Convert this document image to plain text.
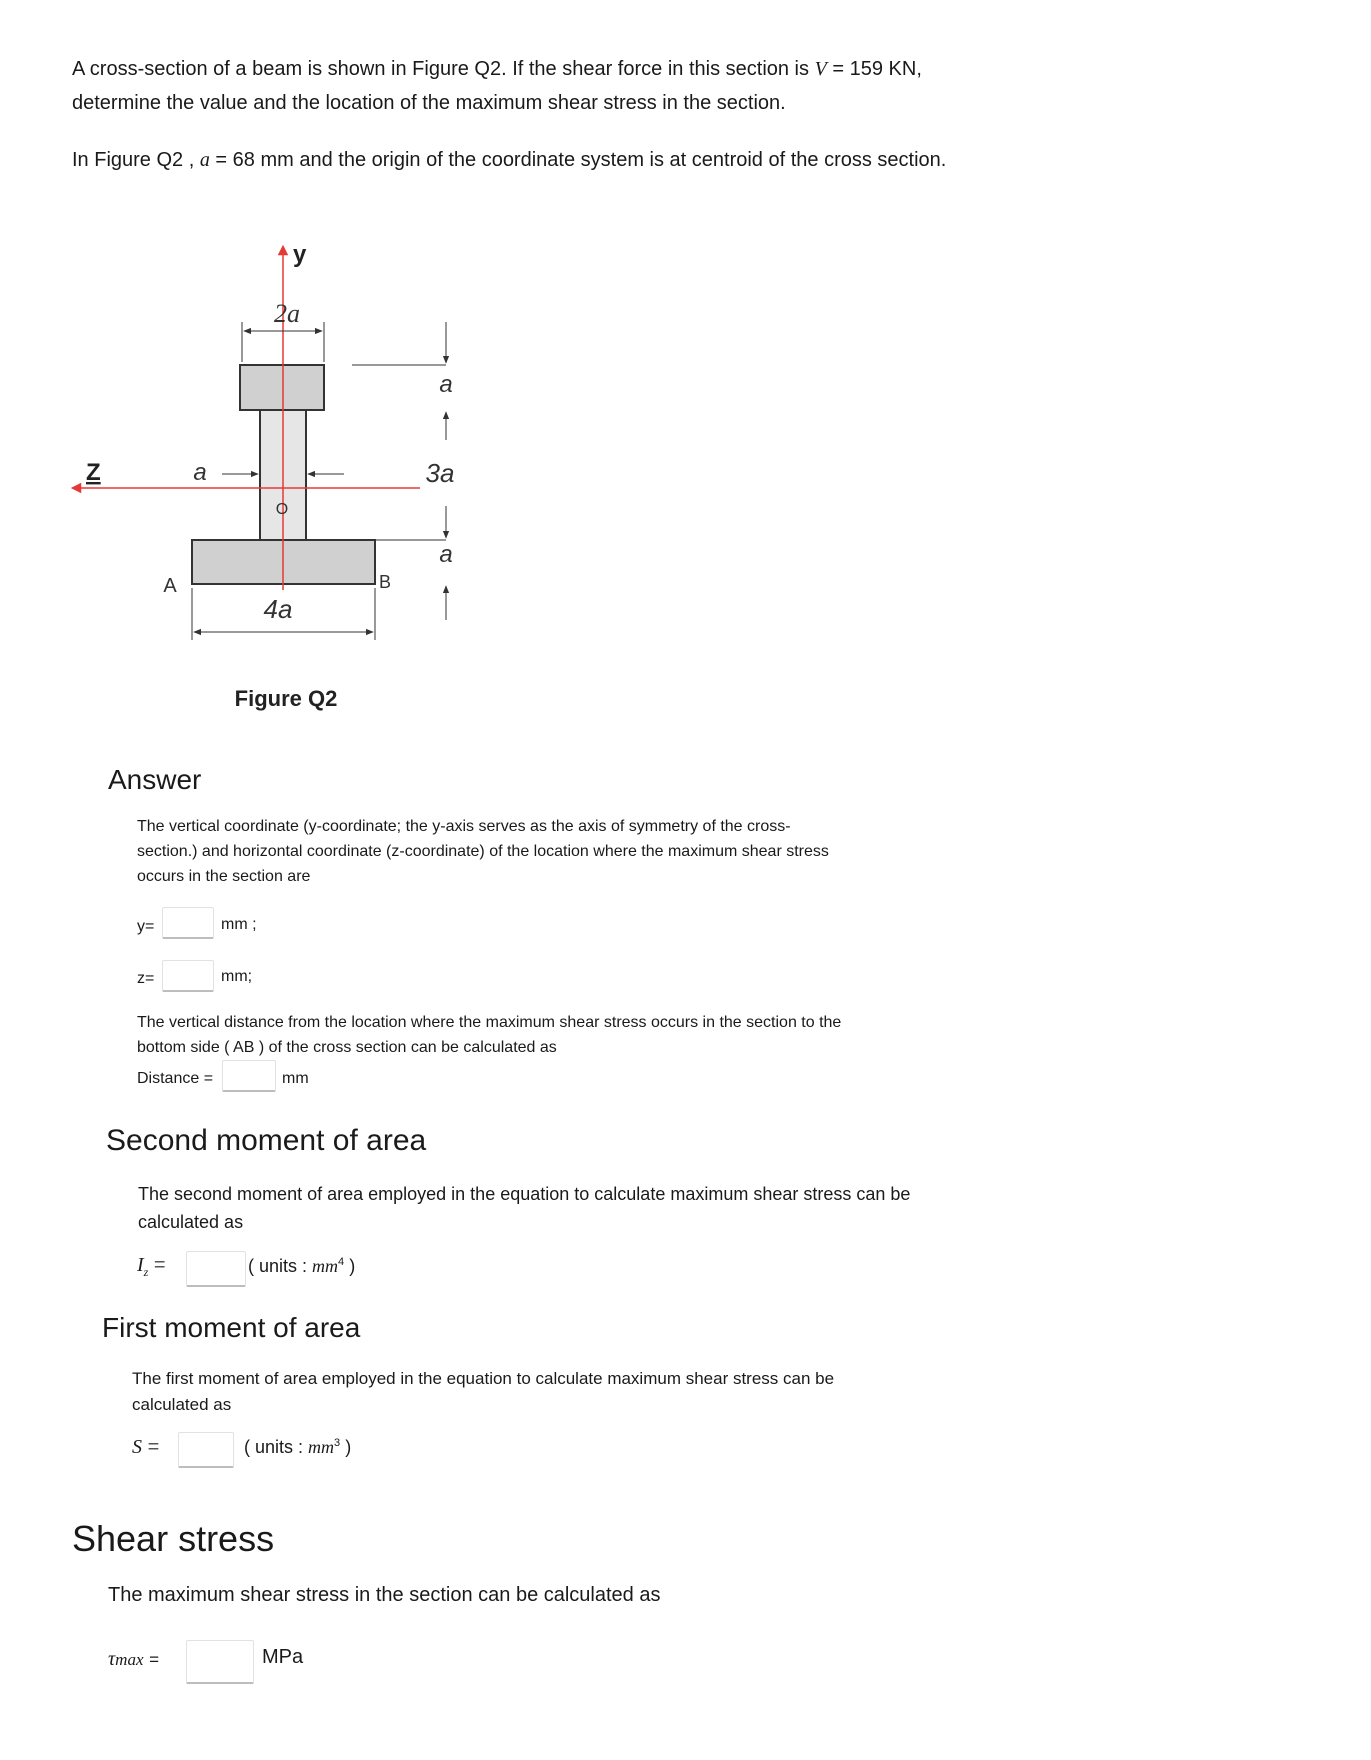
A cross-section of a beam is shown in Figure Q2. If the shear force in this section is V = 159 KN,
determine the value and the location of the maximum shear stress in the section.
In Figure Q2 , a = 68 mm and the origin of the coordinate system is at centroid of the cross section.
y
Z
O
2a
a
4a
A	B
a
3a
a
Figure Q2
Answer
The vertical coordinate (y-coordinate; the y-axis serves as the axis of symmetry of the cross-
section.) and horizontal coordinate (z-coordinate) of the location where the maximum shear stress
occurs in the section are
y=	mm ;
z=	mm;
The vertical distance from the location where the maximum shear stress occurs in the section to the
bottom side ( AB ) of the cross section can be calculated as
Distance =	mm
Second moment of area
The second moment of area employed in the equation to calculate maximum shear stress can be
calculated as
$I_z$ =	( units : $mm^4$ )
First moment of area
The first moment of area employed in the equation to calculate maximum shear stress can be
calculated as
S =	( units : $mm^3$ )
Shear stress
The maximum shear stress in the section can be calculated as
τmax =	MPa
